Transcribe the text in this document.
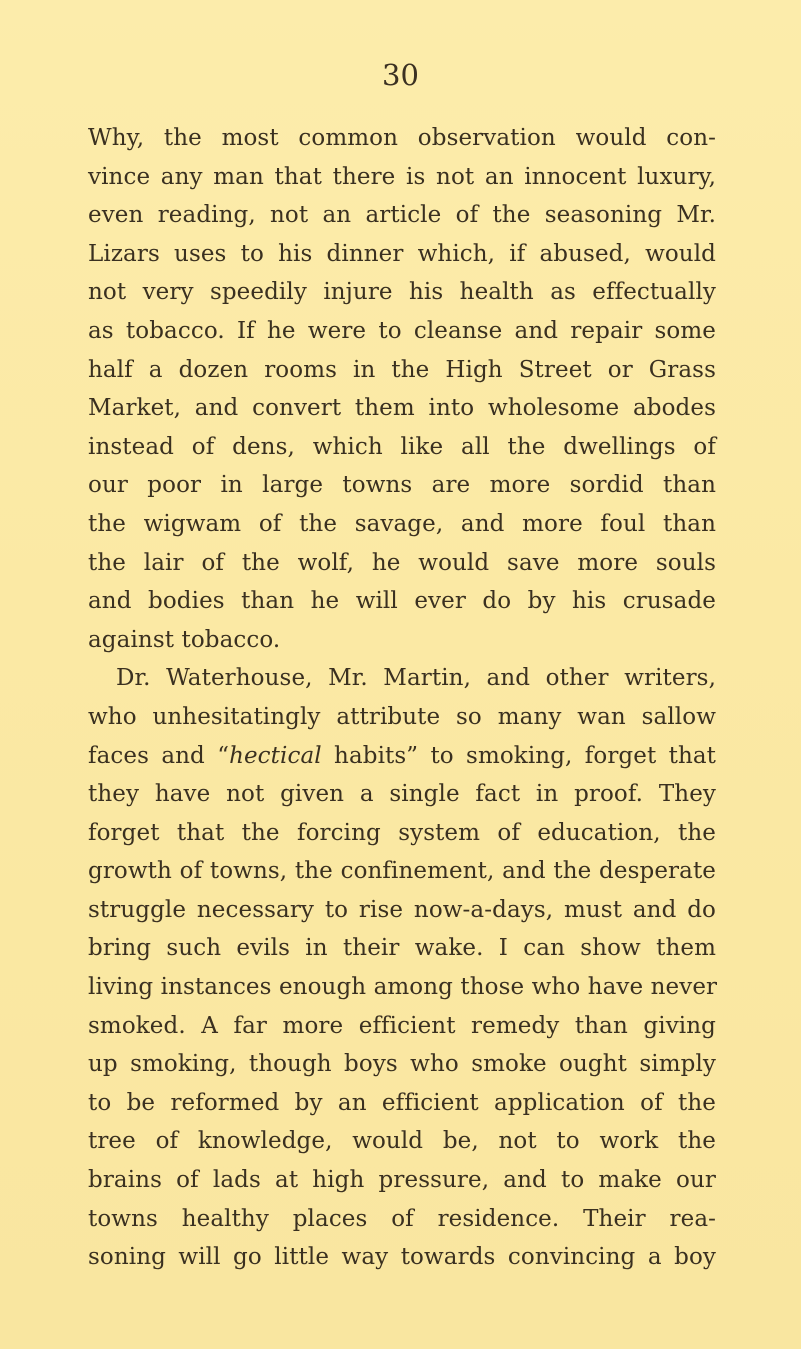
30
Why, the most common observation would con-
vince any man that there is not an innocent luxury,
even reading, not an article of the seasoning Mr.
Lizars uses to his dinner which, if abused, would
not very speedily injure his health as effectually
as tobacco. If he were to cleanse and repair some
half a dozen rooms in the High Street or Grass
Market, and convert them into wholesome abodes
instead of dens, which like all the dwellings of
our poor in large towns are more sordid than
the wigwam of the savage, and more foul than
the lair of the wolf, he would save more souls
and bodies than he will ever do by his crusade
against tobacco.
Dr. Waterhouse, Mr. Martin, and other writers,
who unhesitatingly attribute so many wan sallow
faces and “hectical habits” to smoking, forget that
they have not given a single fact in proof. They
forget that the forcing system of education, the
growth of towns, the confinement, and the desperate
struggle necessary to rise now-a-days, must and do
bring such evils in their wake. I can show them
living instances enough among those who have never
smoked. A far more efficient remedy than giving
up smoking, though boys who smoke ought simply
to be reformed by an efficient application of the
tree of knowledge, would be, not to work the
brains of lads at high pressure, and to make our
towns healthy places of residence. Their rea-
soning will go little way towards convincing a boy
